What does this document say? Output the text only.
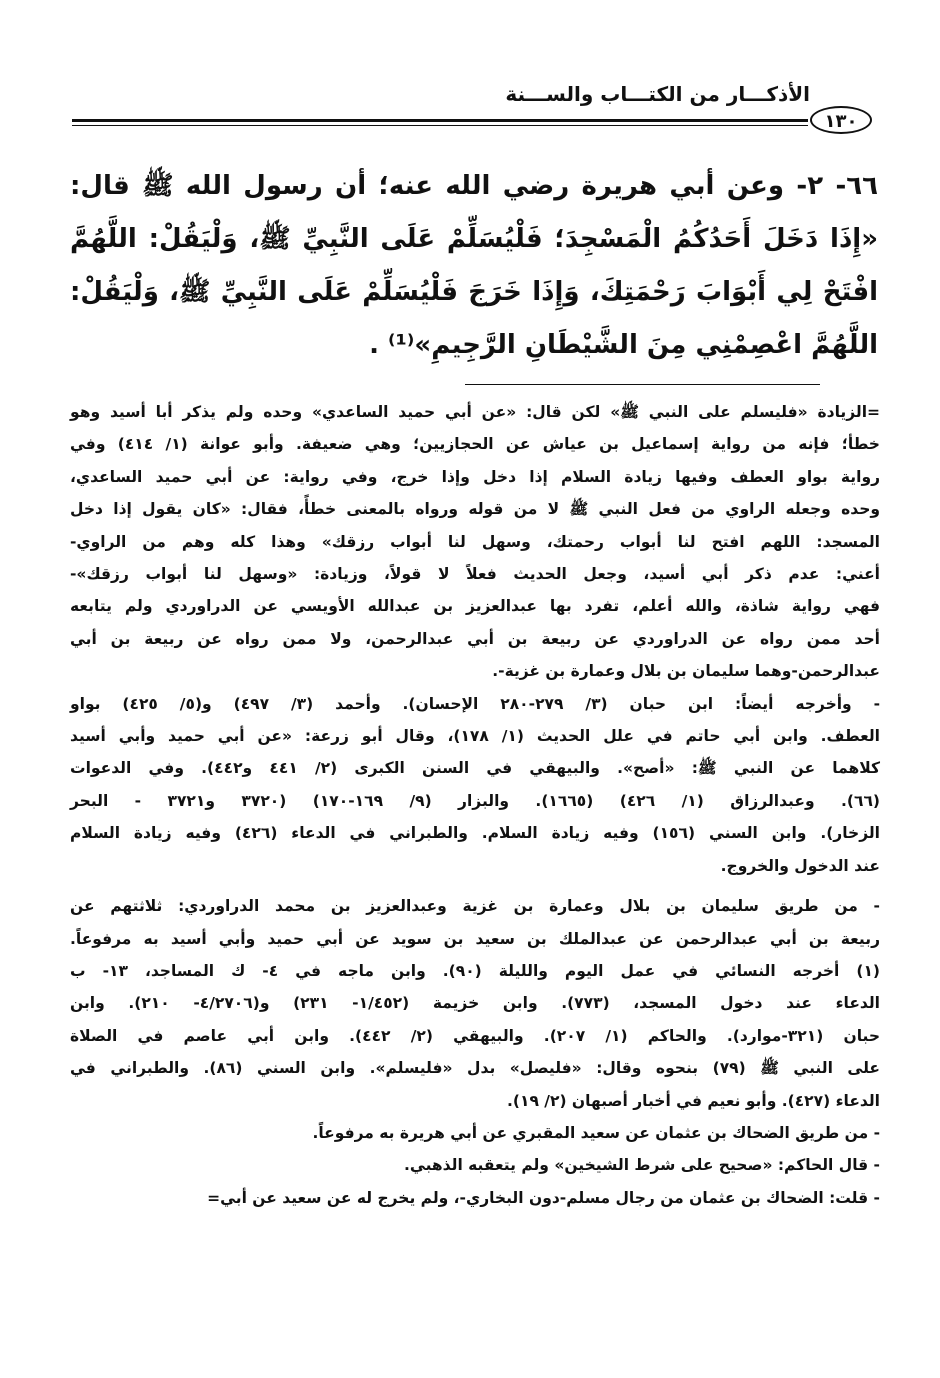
الأذكـــار من الكتـــاب والســـنة
١٣٠
٦٦- ٢- وعن أبي هريرة رضي الله عنه؛ أن رسول الله ﷺ قال:
«إِذَا دَخَلَ أَحَدُكُمُ الْمَسْجِدَ؛ فَلْيُسَلِّمْ عَلَى النَّبِيِّ ﷺ، وَلْيَقُلْ: اللَّهُمَّ
افْتَحْ لِي أَبْوَابَ رَحْمَتِكَ، وَإِذَا خَرَجَ فَلْيُسَلِّمْ عَلَى النَّبِيِّ ﷺ، وَلْيَقُلْ:
اللَّهُمَّ اعْصِمْنِي مِنَ الشَّيْطَانِ الرَّجِيمِ»⁽¹⁾ .
=الزيادة «فليسلم على النبي ﷺ» لكن قال: «عن أبي حميد الساعدي» وحده ولم يذكر أبا أسيد وهو
خطأ؛ فإنه من رواية إسماعيل بن عياش عن الحجازيين؛ وهي ضعيفة. وأبو عوانة (١/ ٤١٤) وفي
رواية بواو العطف وفيها زيادة السلام إذا دخل وإذا خرج، وفي رواية: عن أبي حميد الساعدي،
وحده وجعله الراوي من فعل النبي ﷺ لا من قوله ورواه بالمعنى خطأً، فقال: «كان يقول إذا دخل
المسجد: اللهم افتح لنا أبواب رحمتك، وسهل لنا أبواب رزقك» وهذا كله وهم من الراوي-
أعني: عدم ذكر أبي أسيد، وجعل الحديث فعلاً لا قولاً، وزيادة: «وسهل لنا أبواب رزقك»-
فهي رواية شاذة، والله أعلم، تفرد بها عبدالعزيز بن عبدالله الأويسي عن الدراوردي ولم يتابعه
أحد ممن رواه عن الدراوردي عن ربيعة بن أبي عبدالرحمن، ولا ممن رواه عن ربيعة بن أبي
عبدالرحمن-وهما سليمان بن بلال وعمارة بن غزية-.
- وأخرجه أيضاً: ابن حبان (٣/ ٢٧٩-٢٨٠ الإحسان). وأحمد (٣/ ٤٩٧) و(٥/ ٤٢٥) بواو
العطف. وابن أبي حاتم في علل الحديث (١/ ١٧٨)، وقال أبو زرعة: «عن أبي حميد وأبي أسيد
كلاهما عن النبي ﷺ: «أصح». والبيهقي في السنن الكبرى (٢/ ٤٤١ و٤٤٢). وفي الدعوات
(٦٦). وعبدالرزاق (١/ ٤٢٦) (١٦٦٥). والبزار (٩/ ١٦٩-١٧٠) (٣٧٢٠ و٣٧٢١ - البحر
الزخار). وابن السني (١٥٦) وفيه زيادة السلام. والطبراني في الدعاء (٤٢٦) وفيه زيادة السلام
عند الدخول والخروج.
- من طريق سليمان بن بلال وعمارة بن غزية وعبدالعزيز بن محمد الدراوردي: ثلاثتهم عن
ربيعة بن أبي عبدالرحمن عن عبدالملك بن سعيد بن سويد عن أبي حميد وأبي أسيد به مرفوعاً.
(١) أخرجه النسائي في عمل اليوم والليلة (٩٠). وابن ماجه في ٤- ك المساجد، ١٣- ب
الدعاء عند دخول المسجد، (٧٧٣). وابن خزيمة (١/٤٥٢- ٢٣١) و(٤/٢٧٠٦- ٢١٠). وابن
حبان (٣٢١-موارد). والحاكم (١/ ٢٠٧). والبيهقي (٢/ ٤٤٢). وابن أبي عاصم في الصلاة
على النبي ﷺ (٧٩) بنحوه وقال: «فليصل» بدل «فليسلم». وابن السني (٨٦). والطبراني في
الدعاء (٤٢٧). وأبو نعيم في أخبار أصبهان (٢/ ١٩).
- من طريق الضحاك بن عثمان عن سعيد المقبري عن أبي هريرة به مرفوعاً.
- قال الحاكم: «صحيح على شرط الشيخين» ولم يتعقبه الذهبي.
- قلت: الضحاك بن عثمان من رجال مسلم-دون البخاري-، ولم يخرج له عن سعيد عن أبي=
